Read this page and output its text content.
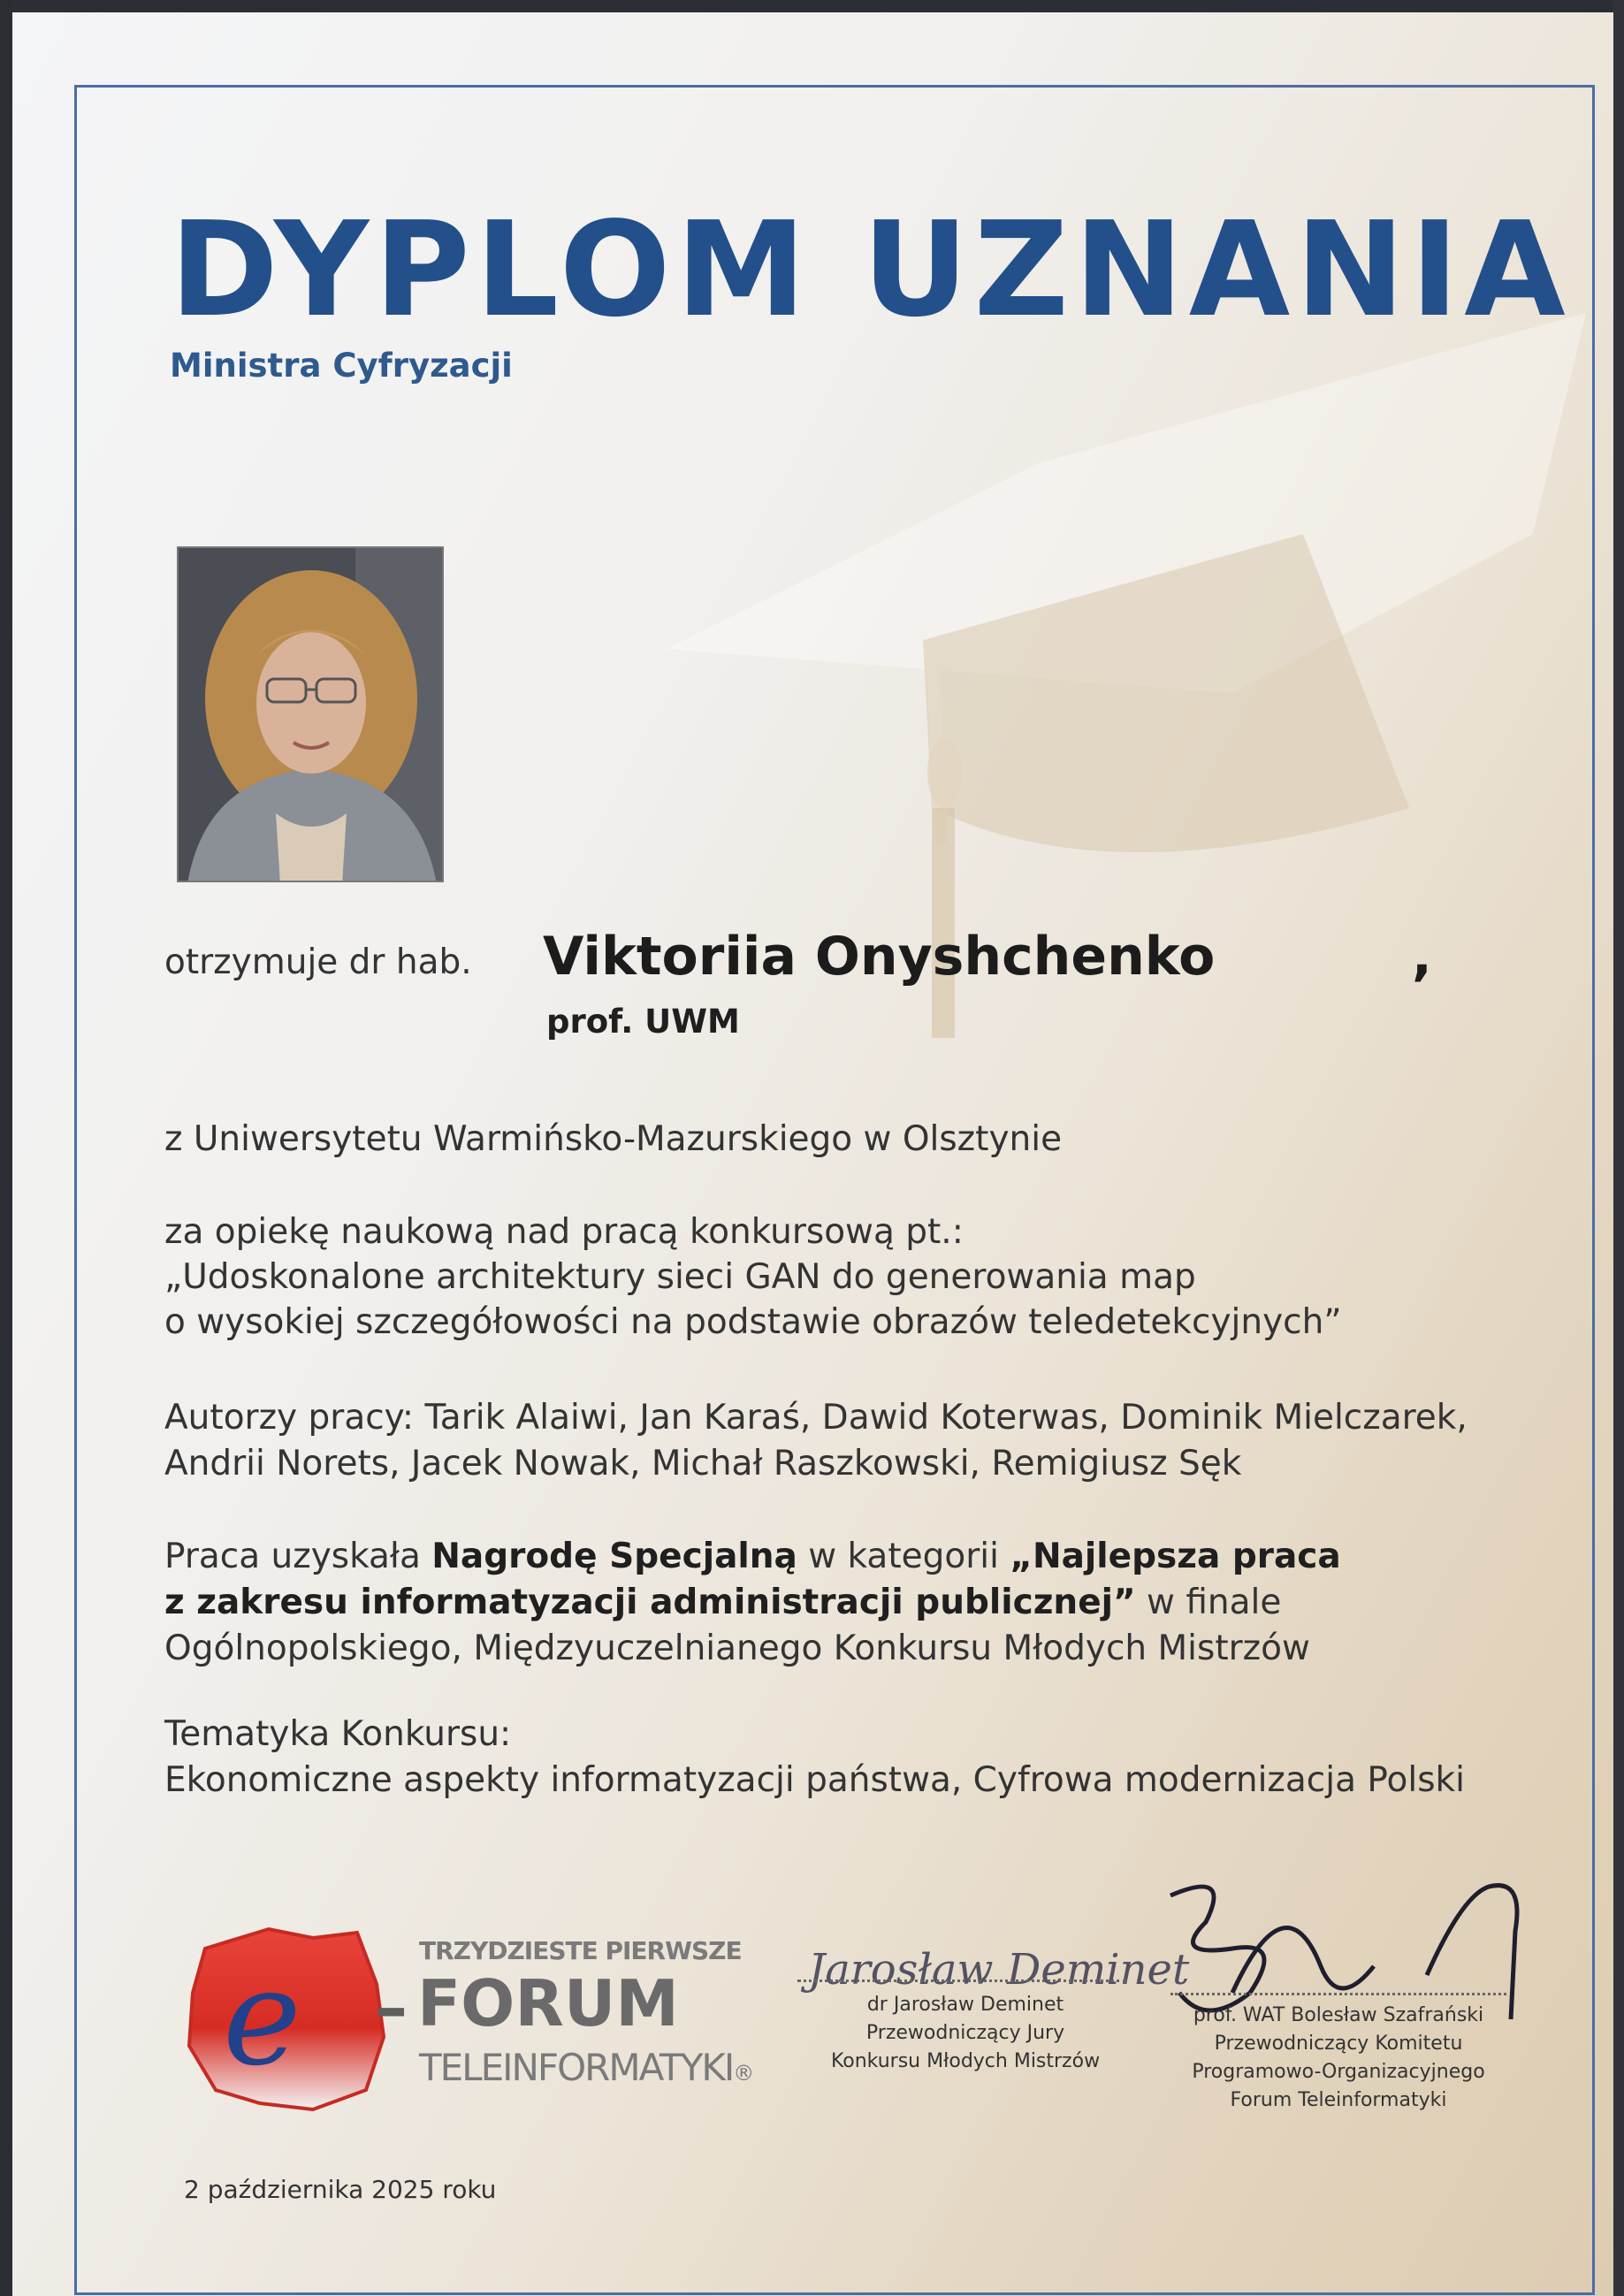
DYPLOM UZNANIA
Ministra Cyfryzacji
otrzymuje dr hab. Viktoriia Onyshchenko	,
prof. UWM
z Uniwersytetu Warmińsko-Mazurskiego w Olsztynie
za opiekę naukową nad pracą konkursową pt.:
„Udoskonalone architektury sieci GAN do generowania map
o wysokiej szczegółowości na podstawie obrazów teledetekcyjnych”
Autorzy pracy: Tarik Alaiwi, Jan Karaś, Dawid Koterwas, Dominik Mielczarek,
Andrii Norets, Jacek Nowak, Michał Raszkowski, Remigiusz Sęk
Praca uzyskała Nagrodę Specjalną w kategorii „Najlepsza praca
z zakresu informatyzacji administracji publicznej” w finale
Ogólnopolskiego, Międzyuczelnianego Konkursu Młodych Mistrzów
Tematyka Konkursu:
Ekonomiczne aspekty informatyzacji państwa, Cyfrowa modernizacja Polski
e	TRZYDZIESTE PIERWSZE
– FORUM
TELEINFORMATYKI®
Jarosław Deminet
dr Jarosław Deminet
Przewodniczący Jury
Konkursu Młodych Mistrzów
prof. WAT Bolesław Szafrański
Przewodniczący Komitetu
Programowo-Organizacyjnego
Forum Teleinformatyki
2 października 2025 roku
